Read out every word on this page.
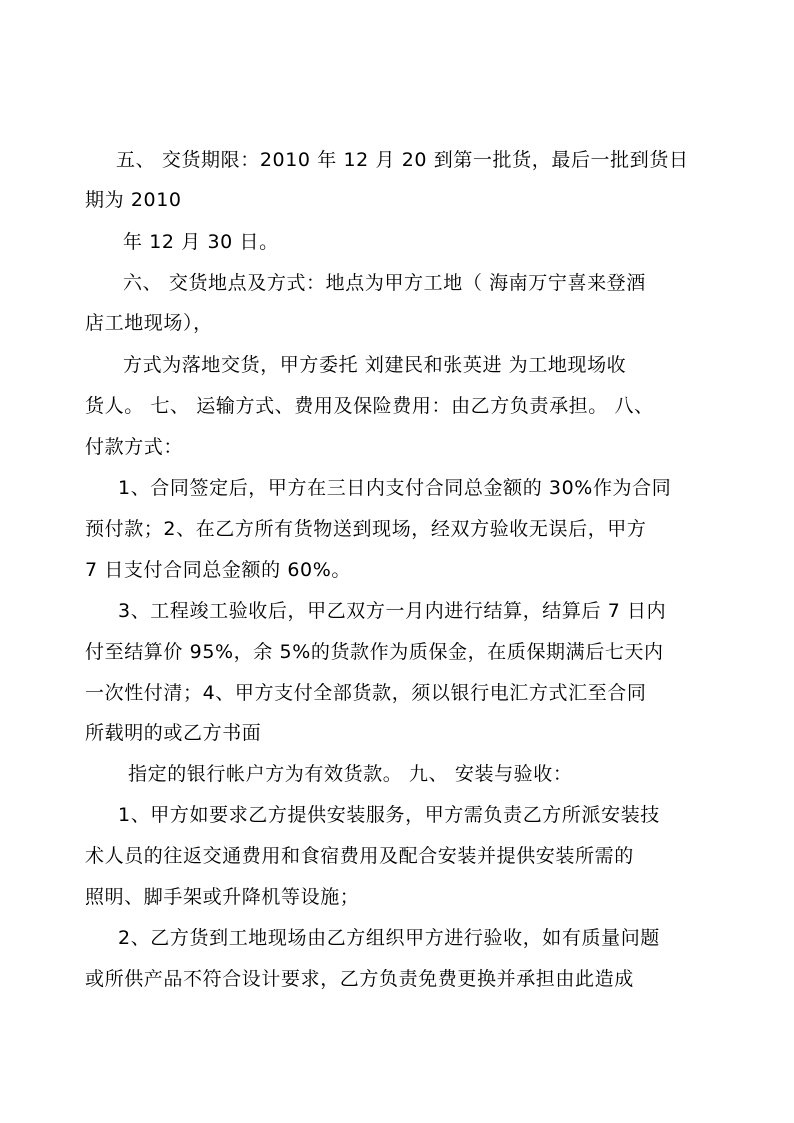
五、 交货期限：2010 年 12 月 20 到第一批货，最后一批到货日
期为 2010
年 12 月 30 日。
六、 交货地点及方式：地点为甲方工地（ 海南万宁喜来登酒
店工地现场），
方式为落地交货，甲方委托 刘建民和张英进 为工地现场收
货人。 七、 运输方式、费用及保险费用：由乙方负责承担。 八、
付款方式：
1、合同签定后，甲方在三日内支付合同总金额的 30%作为合同
预付款；2、在乙方所有货物送到现场，经双方验收无误后，甲方
7 日支付合同总金额的 60%。
3、工程竣工验收后，甲乙双方一月内进行结算，结算后 7 日内
付至结算价 95%，余 5%的货款作为质保金，在质保期满后七天内
一次性付清；4、甲方支付全部货款，须以银行电汇方式汇至合同
所载明的或乙方书面
指定的银行帐户方为有效货款。 九、 安装与验收：
1、甲方如要求乙方提供安装服务，甲方需负责乙方所派安装技
术人员的往返交通费用和食宿费用及配合安装并提供安装所需的
照明、脚手架或升降机等设施；
2、乙方货到工地现场由乙方组织甲方进行验收，如有质量问题
或所供产品不符合设计要求，乙方负责免费更换并承担由此造成
